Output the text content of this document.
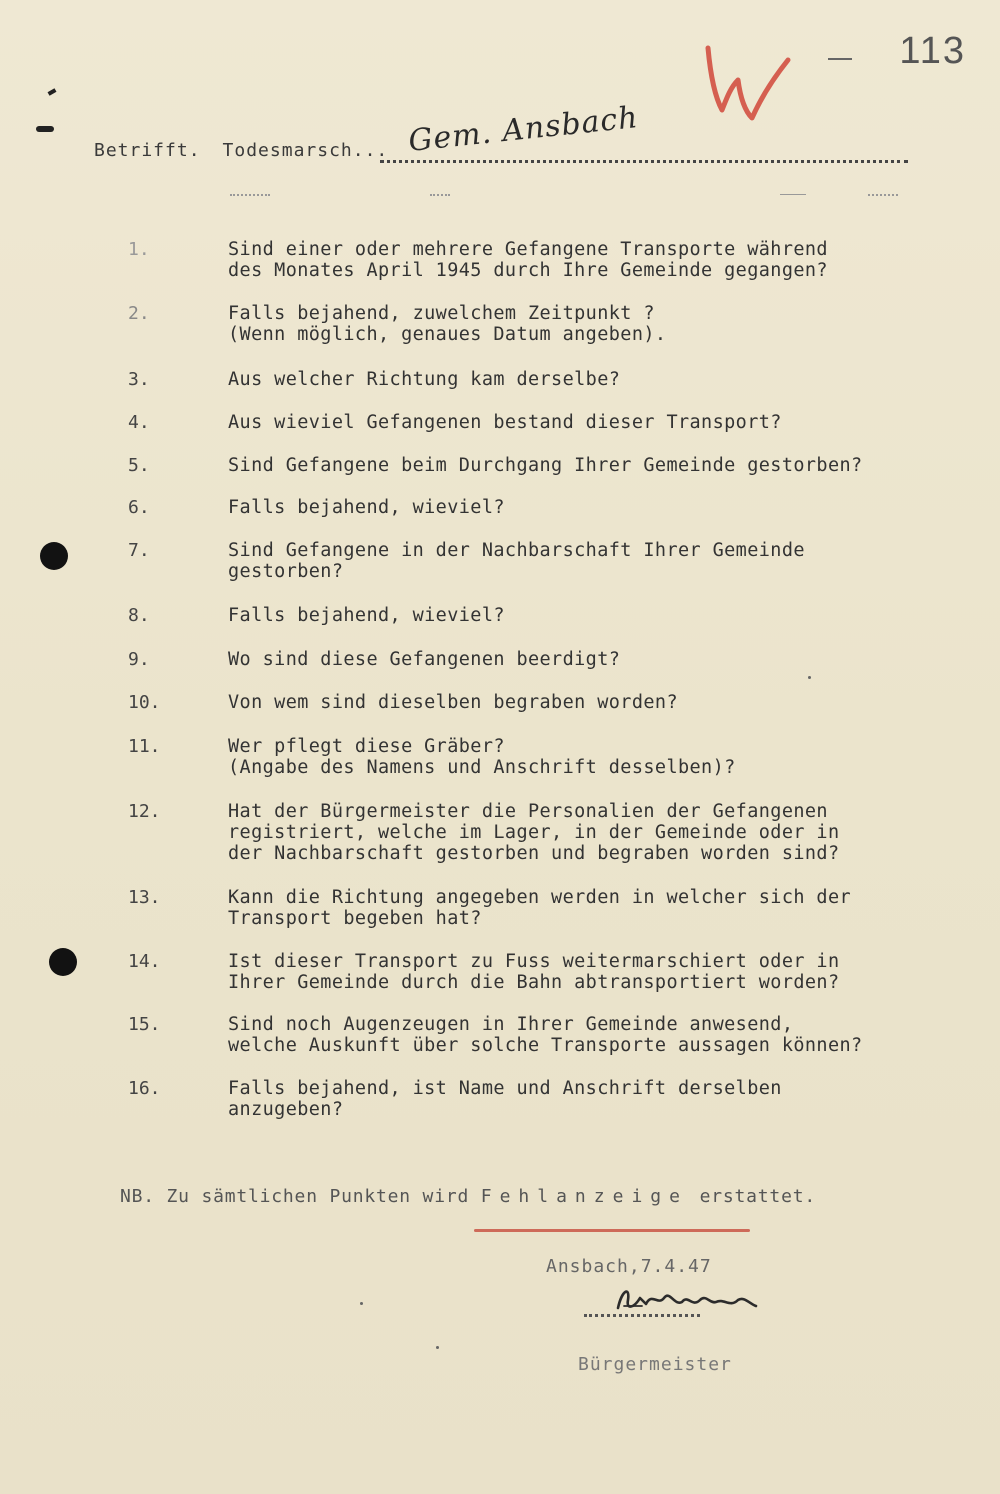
113
Betrifft. Todesmarsch... Gem. Ansbach
1.	Sind einer oder mehrere Gefangene Transporte während
des Monates April 1945 durch Ihre Gemeinde gegangen?
2.	Falls bejahend, zuwelchem Zeitpunkt ?
(Wenn möglich, genaues Datum angeben).
3.	Aus welcher Richtung kam derselbe?
4.	Aus wieviel Gefangenen bestand dieser Transport?
5.	Sind Gefangene beim Durchgang Ihrer Gemeinde gestorben?
6.	Falls bejahend, wieviel?
7.	Sind Gefangene in der Nachbarschaft Ihrer Gemeinde
gestorben?
8.	Falls bejahend, wieviel?
9.	Wo sind diese Gefangenen beerdigt?
10.	Von wem sind dieselben begraben worden?
11.	Wer pflegt diese Gräber?
(Angabe des Namens und Anschrift desselben)?
12.	Hat der Bürgermeister die Personalien der Gefangenen
registriert, welche im Lager, in der Gemeinde oder in
der Nachbarschaft gestorben und begraben worden sind?
13.	Kann die Richtung angegeben werden in welcher sich der
Transport begeben hat?
14.	Ist dieser Transport zu Fuss weitermarschiert oder in
Ihrer Gemeinde durch die Bahn abtransportiert worden?
15.	Sind noch Augenzeugen in Ihrer Gemeinde anwesend,
welche Auskunft über solche Transporte aussagen können?
16.	Falls bejahend, ist Name und Anschrift derselben
anzugeben?
NB. Zu sämtlichen Punkten wird Fehlanzeige erstattet.
Ansbach,7.4.47
Bürgermeister
